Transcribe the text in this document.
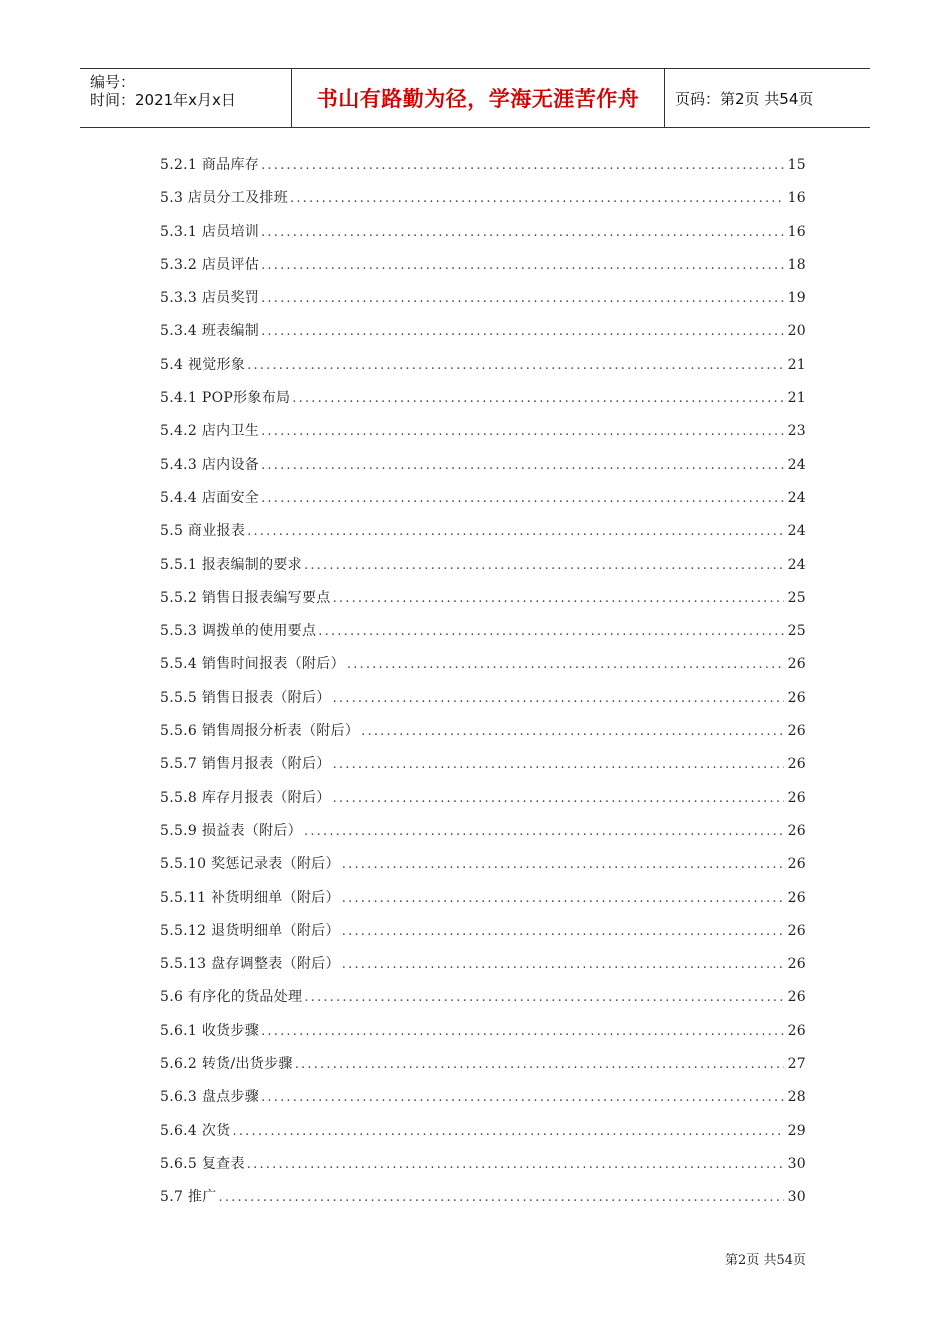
编号：
时间：2021年x月x日	书山有路勤为径，学海无涯苦作舟	页码：第2页 共54页
5.2.1 商品库存 .....	15
5.3 店员分工及排班 .....	16
5.3.1 店员培训 .....	16
5.3.2 店员评估 .....	18
5.3.3 店员奖罚 .....	19
5.3.4 班表编制 .....	20
5.4 视觉形象 .....	21
5.4.1 POP形象布局 .....	21
5.4.2 店内卫生 .....	23
5.4.3 店内设备 .....	24
5.4.4 店面安全 .....	24
5.5 商业报表 .....	24
5.5.1 报表编制的要求 .....	24
5.5.2 销售日报表编写要点 .....	25
5.5.3 调拨单的使用要点 .....	25
5.5.4 销售时间报表（附后） .....	26
5.5.5 销售日报表（附后） .....	26
5.5.6 销售周报分析表（附后） .....	26
5.5.7 销售月报表（附后） .....	26
5.5.8 库存月报表（附后） .....	26
5.5.9 损益表（附后） .....	26
5.5.10 奖惩记录表（附后） .....	26
5.5.11 补货明细单（附后） .....	26
5.5.12 退货明细单（附后） .....	26
5.5.13 盘存调整表（附后） .....	26
5.6 有序化的货品处理 .....	26
5.6.1 收货步骤 .....	26
5.6.2 转货/出货步骤 .....	27
5.6.3 盘点步骤 .....	28
5.6.4 次货 .....	29
5.6.5 复查表 .....	30
5.7 推广 .....	30
第2页 共54页
